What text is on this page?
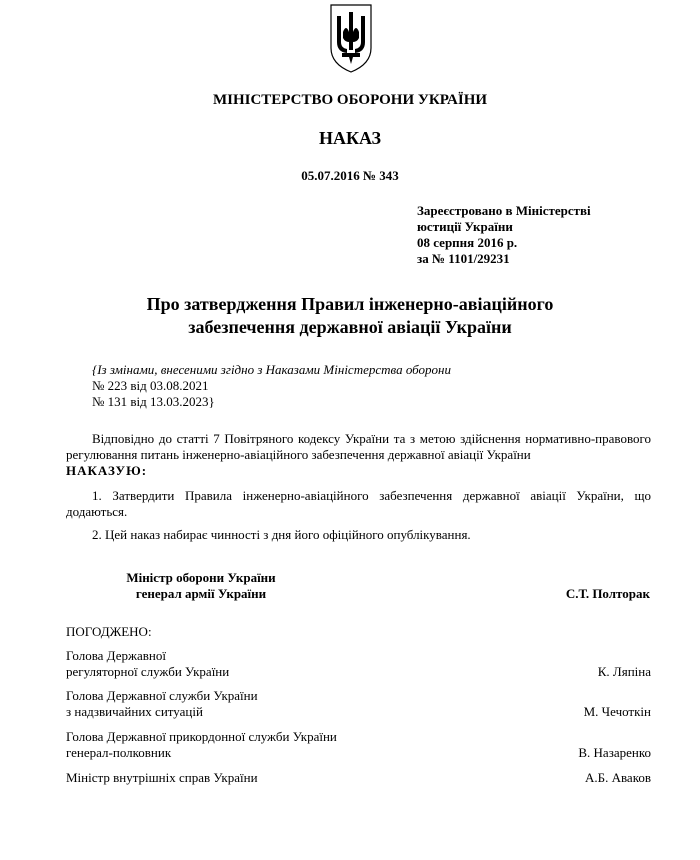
МІНІСТЕРСТВО ОБОРОНИ УКРАЇНИ
НАКАЗ
05.07.2016 № 343
Зареєстровано в Міністерстві
юстиції України
08 серпня 2016 р.
за № 1101/29231
Про затвердження Правил інженерно-авіаційного
забезпечення державної авіації України
{Із змінами, внесеними згідно з Наказами Міністерства оборони
№ 223 від 03.08.2021
№ 131 від 13.03.2023}
Відповідно до статті 7 Повітряного кодексу України та з метою здійснення нормативно-правового регулювання питань інженерно-авіаційного забезпечення державної авіації України
НАКАЗУЮ:
1. Затвердити Правила інженерно-авіаційного забезпечення державної авіації України, що додаються.
2. Цей наказ набирає чинності з дня його офіційного опублікування.
Міністр оборони України
генерал армії України	С.Т. Полторак
ПОГОДЖЕНО:
Голова Державної
регуляторної служби України	К. Ляпіна
Голова Державної служби України
з надзвичайних ситуацій	М. Чечоткін
Голова Державної прикордонної служби України
генерал-полковник	В. Назаренко
Міністр внутрішніх справ України	А.Б. Аваков
